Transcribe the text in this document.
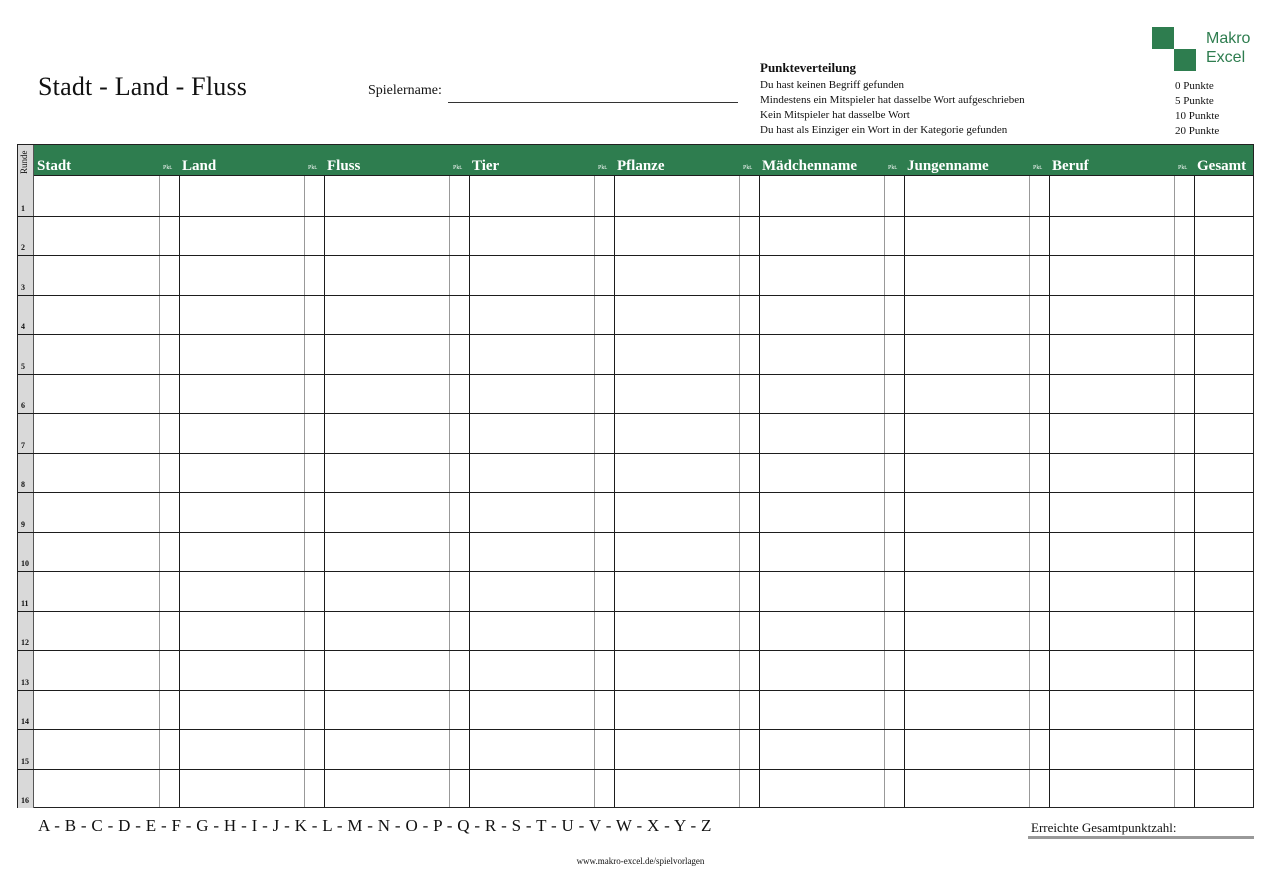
Stadt - Land - Fluss	Spielername:
Punkteverteilung
Du hast keinen Begriff gefunden	0 Punkte
Mindestens ein Mitspieler hat dasselbe Wort aufgeschrieben	5 Punkte
Kein Mitspieler hat dasselbe Wort	10 Punkte
Du hast als Einziger ein Wort in der Kategorie gefunden	20 Punkte
Makro
Excel
Runde Stadt	Pkt. Land	Pkt. Fluss	Pkt. Tier	Pkt. Pflanze	Pkt. Mädchenname	Pkt. Jungenname	Pkt. Beruf	Pkt. Gesamt
1
2
3
4
5
6
7
8
9
10
11
12
13
14
15
16
A - B - C - D - E - F - G - H - I - J - K - L - M - N - O - P - Q - R - S - T - U - V - W - X - Y - Z	Erreichte Gesamtpunktzahl:
www.makro-excel.de/spielvorlagen
